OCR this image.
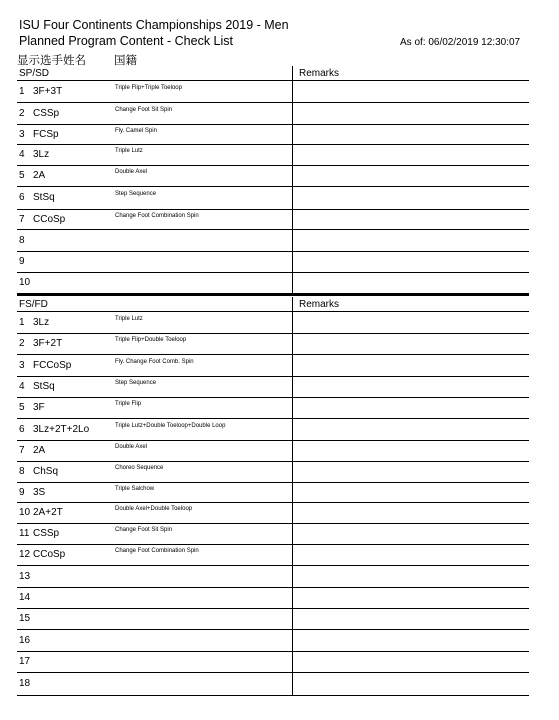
ISU Four Continents Championships 2019 - Men
Planned Program Content - Check List	As of: 06/02/2019 12:30:07
显示选手姓名 国籍
SP/SD	Remarks
1 3F+3T	Triple Flip+Triple Toeloop
2 CSSp	Change Foot Sit Spin
3 FCSp	Fly. Camel Spin
4 3Lz	Triple Lutz
5 2A	Double Axel
6 StSq	Step Sequence
7 CCoSp	Change Foot Combination Spin
8
9
10
FS/FD	Remarks
1 3Lz	Triple Lutz
2 3F+2T	Triple Flip+Double Toeloop
3 FCCoSp	Fly. Change Foot Comb. Spin
4 StSq	Step Sequence
5 3F	Triple Flip
6 3Lz+2T+2Lo	Triple Lutz+Double Toeloop+Double Loop
7 2A	Double Axel
8 ChSq	Choreo Sequence
9 3S	Triple Salchow
10 2A+2T	Double Axel+Double Toeloop
11 CSSp	Change Foot Sit Spin
12 CCoSp	Change Foot Combination Spin
13
14
15
16
17
18
